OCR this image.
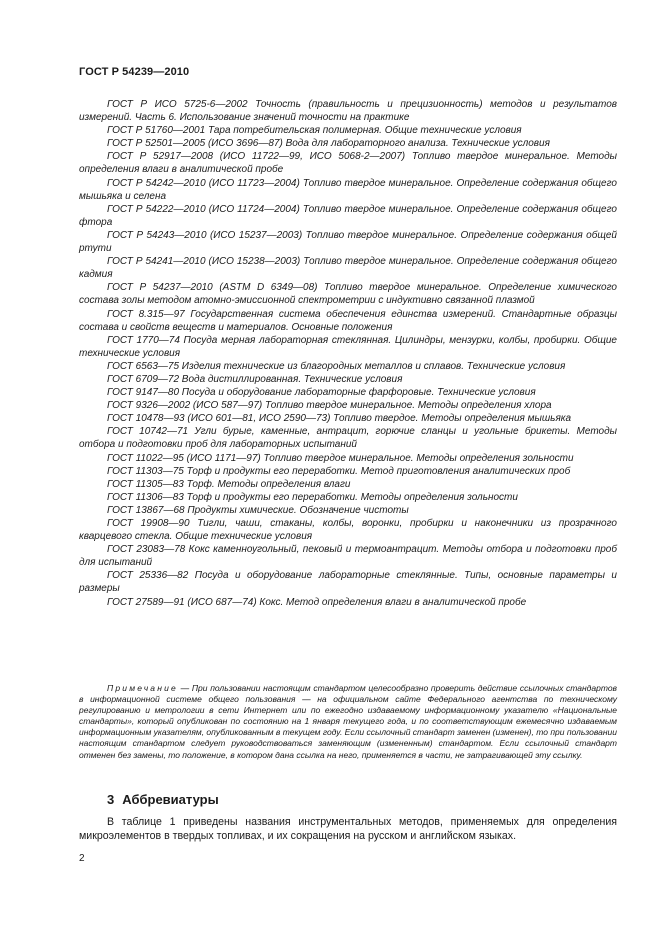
ГОСТ Р 54239—2010

ГОСТ Р ИСО 5725-6—2002 Точность (правильность и прецизионность) методов и результатов измерений. Часть 6. Использование значений точности на практике

ГОСТ Р 51760—2001 Тара потребительская полимерная. Общие технические условия

ГОСТ Р 52501—2005 (ИСО 3696—87) Вода для лабораторного анализа. Технические условия

ГОСТ Р 52917—2008 (ИСО 11722—99, ИСО 5068-2—2007) Топливо твердое минеральное. Методы определения влаги в аналитической пробе

ГОСТ Р 54242—2010 (ИСО 11723—2004) Топливо твердое минеральное. Определение содержания общего мышьяка и селена

ГОСТ Р 54222—2010 (ИСО 11724—2004) Топливо твердое минеральное. Определение содержания общего фтора

ГОСТ Р 54243—2010 (ИСО 15237—2003) Топливо твердое минеральное. Определение содержания общей ртути

ГОСТ Р 54241—2010 (ИСО 15238—2003) Топливо твердое минеральное. Определение содержания общего кадмия

ГОСТ Р 54237—2010 (ASTM D 6349—08) Топливо твердое минеральное. Определение химического состава золы методом атомно-эмиссионной спектрометрии с индуктивно связанной плазмой

ГОСТ 8.315—97 Государственная система обеспечения единства измерений. Стандартные образцы состава и свойств веществ и материалов. Основные положения

ГОСТ 1770—74 Посуда мерная лабораторная стеклянная. Цилиндры, мензурки, колбы, пробирки. Общие технические условия

ГОСТ 6563—75 Изделия технические из благородных металлов и сплавов. Технические условия

ГОСТ 6709—72 Вода дистиллированная. Технические условия

ГОСТ 9147—80 Посуда и оборудование лабораторные фарфоровые. Технические условия

ГОСТ 9326—2002 (ИСО 587—97) Топливо твердое минеральное. Методы определения хлора

ГОСТ 10478—93 (ИСО 601—81, ИСО 2590—73) Топливо твердое. Методы определения мышьяка

ГОСТ 10742—71 Угли бурые, каменные, антрацит, горючие сланцы и угольные брикеты. Методы отбора и подготовки проб для лабораторных испытаний

ГОСТ 11022—95 (ИСО 1171—97) Топливо твердое минеральное. Методы определения зольности

ГОСТ 11303—75 Торф и продукты его переработки. Метод приготовления аналитических проб

ГОСТ 11305—83 Торф. Методы определения влаги

ГОСТ 11306—83 Торф и продукты его переработки. Методы определения зольности

ГОСТ 13867—68 Продукты химические. Обозначение чистоты

ГОСТ 19908—90 Тигли, чаши, стаканы, колбы, воронки, пробирки и наконечники из прозрачного кварцевого стекла. Общие технические условия

ГОСТ 23083—78 Кокс каменноугольный, пековый и термоантрацит. Методы отбора и подготовки проб для испытаний

ГОСТ 25336—82 Посуда и оборудование лабораторные стеклянные. Типы, основные параметры и размеры

ГОСТ 27589—91 (ИСО 687—74) Кокс. Метод определения влаги в аналитической пробе

Примечание — При пользовании настоящим стандартом целесообразно проверить действие ссылочных стандартов в информационной системе общего пользования — на официальном сайте Федерального агентства по техническому регулированию и метрологии в сети Интернет или по ежегодно издаваемому информационному указателю «Национальные стандарты», который опубликован по состоянию на 1 января текущего года, и по соответствующим ежемесячно издаваемым информационным указателям, опубликованным в текущем году. Если ссылочный стандарт заменен (изменен), то при пользовании настоящим стандартом следует руководствоваться заменяющим (измененным) стандартом. Если ссылочный стандарт отменен без замены, то положение, в котором дана ссылка на него, применяется в части, не затрагивающей эту ссылку.

3 Аббревиатуры

В таблице 1 приведены названия инструментальных методов, применяемых для определения микроэлементов в твердых топливах, и их сокращения на русском и английском языках.

2
